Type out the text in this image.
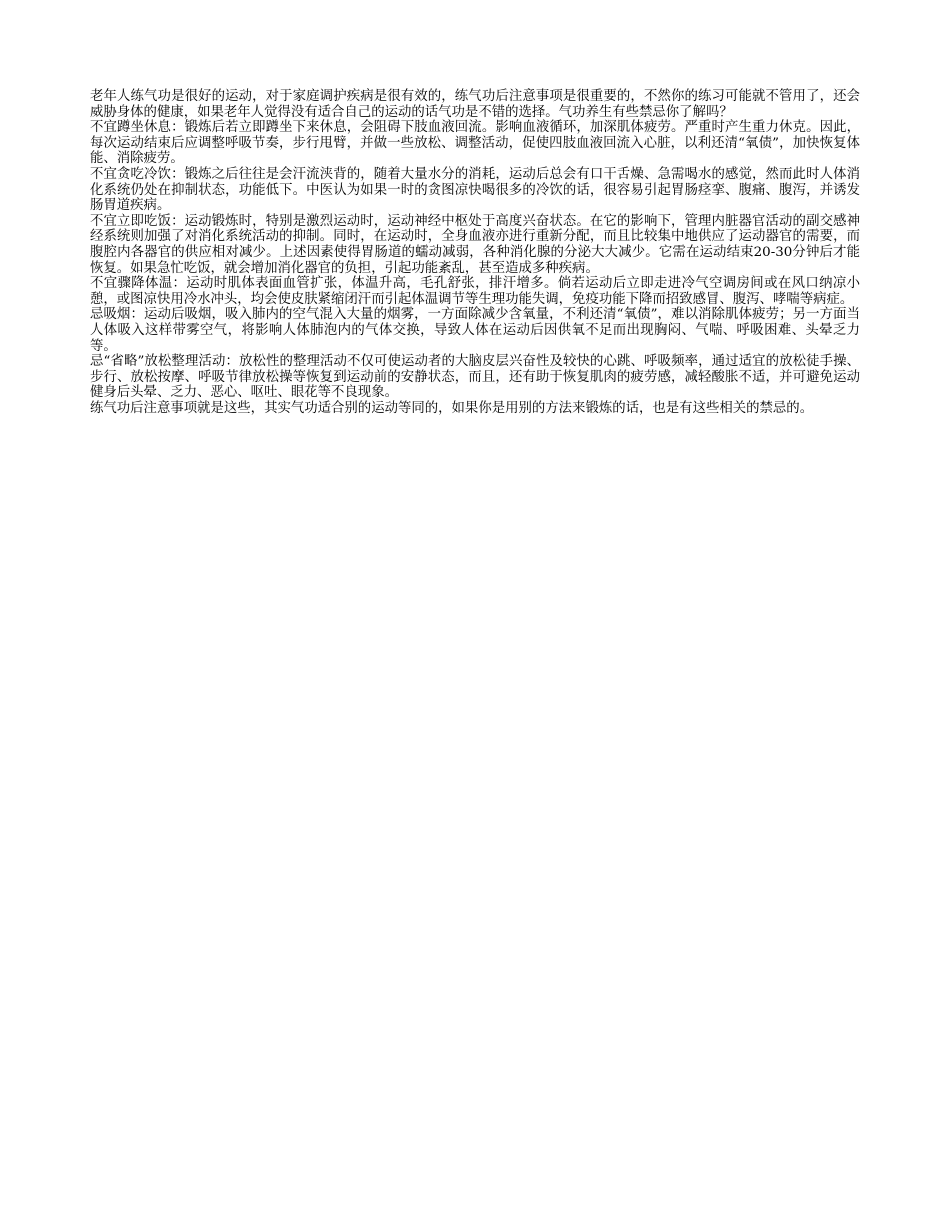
老年人练气功是很好的运动，对于家庭调护疾病是很有效的，练气功后注意事项是很重要的，不然你的练习可能就不管用了，还会威胁身体的健康，如果老年人觉得没有适合自己的运动的话气功是不错的选择。气功养生有些禁忌你了解吗？

不宜蹲坐休息：锻炼后若立即蹲坐下来休息，会阻碍下肢血液回流。影响血液循环，加深肌体疲劳。严重时产生重力休克。因此，每次运动结束后应调整呼吸节奏，步行甩臂，并做一些放松、调整活动，促使四肢血液回流入心脏，以利还清“氧债”，加快恢复体能、消除疲劳。

不宜贪吃冷饮：锻炼之后往往是会汗流浃背的，随着大量水分的消耗，运动后总会有口干舌燥、急需喝水的感觉，然而此时人体消化系统仍处在抑制状态，功能低下。中医认为如果一时的贪图凉快喝很多的冷饮的话，很容易引起胃肠痉挛、腹痛、腹泻，并诱发肠胃道疾病。

不宜立即吃饭：运动锻炼时，特别是激烈运动时，运动神经中枢处于高度兴奋状态。在它的影响下，管理内脏器官活动的副交感神经系统则加强了对消化系统活动的抑制。同时，在运动时，全身血液亦进行重新分配，而且比较集中地供应了运动器官的需要，而腹腔内各器官的供应相对减少。上述因素使得胃肠道的蠕动减弱，各种消化腺的分泌大大减少。它需在运动结束20-30分钟后才能恢复。如果急忙吃饭，就会增加消化器官的负担，引起功能紊乱，甚至造成多种疾病。

不宜骤降体温：运动时肌体表面血管扩张，体温升高，毛孔舒张，排汗增多。倘若运动后立即走进冷气空调房间或在风口纳凉小憩，或图凉快用冷水冲头，均会使皮肤紧缩闭汗而引起体温调节等生理功能失调，免疫功能下降而招致感冒、腹泻、哮喘等病症。

忌吸烟：运动后吸烟，吸入肺内的空气混入大量的烟雾，一方面除减少含氧量，不利还清“氧债”，难以消除肌体疲劳；另一方面当人体吸入这样带雾空气，将影响人体肺泡内的气体交换，导致人体在运动后因供氧不足而出现胸闷、气喘、呼吸困难、头晕乏力等。

忌“省略”放松整理活动：放松性的整理活动不仅可使运动者的大脑皮层兴奋性及较快的心跳、呼吸频率，通过适宜的放松徒手操、步行、放松按摩、呼吸节律放松操等恢复到运动前的安静状态，而且，还有助于恢复肌肉的疲劳感，减轻酸胀不适，并可避免运动健身后头晕、乏力、恶心、呕吐、眼花等不良现象。

练气功后注意事项就是这些，其实气功适合别的运动等同的，如果你是用别的方法来锻炼的话，也是有这些相关的禁忌的。
